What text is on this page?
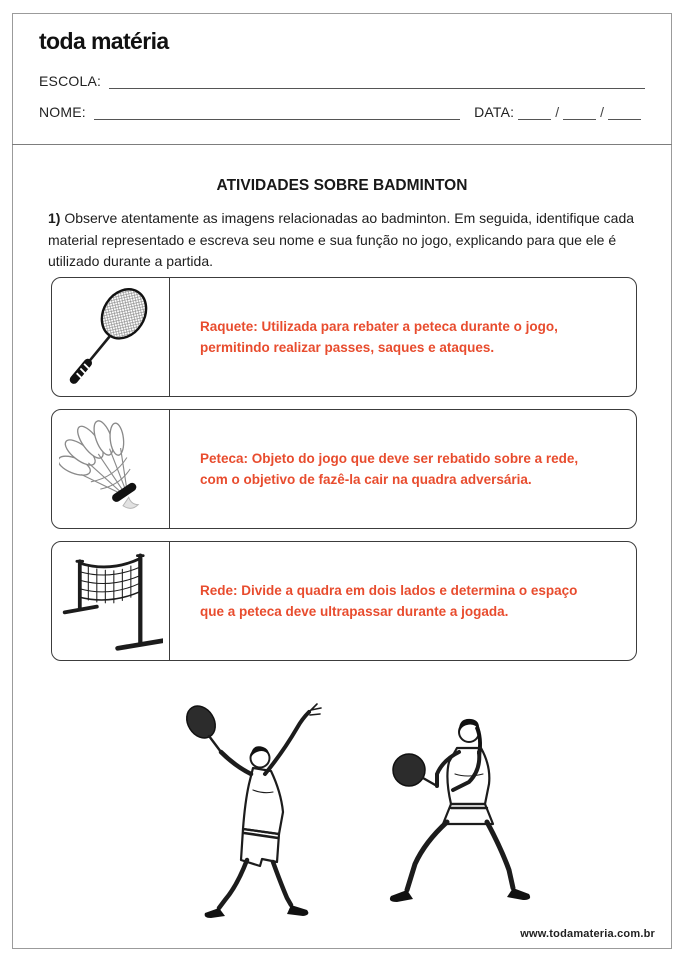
toda matéria
ESCOLA:
NOME:	DATA:	/	/
ATIVIDADES SOBRE BADMINTON

1) Observe atentamente as imagens relacionadas ao badminton. Em seguida, identifique cada material representado e escreva seu nome e sua função no jogo, explicando para que ele é utilizado durante a partida.

Raquete: Utilizada para rebater a peteca durante o jogo, permitindo realizar passes, saques e ataques.

Peteca: Objeto do jogo que deve ser rebatido sobre a rede, com o objetivo de fazê-la cair na quadra adversária.

Rede: Divide a quadra em dois lados e determina o espaço que a peteca deve ultrapassar durante a jogada.

www.todamateria.com.br
